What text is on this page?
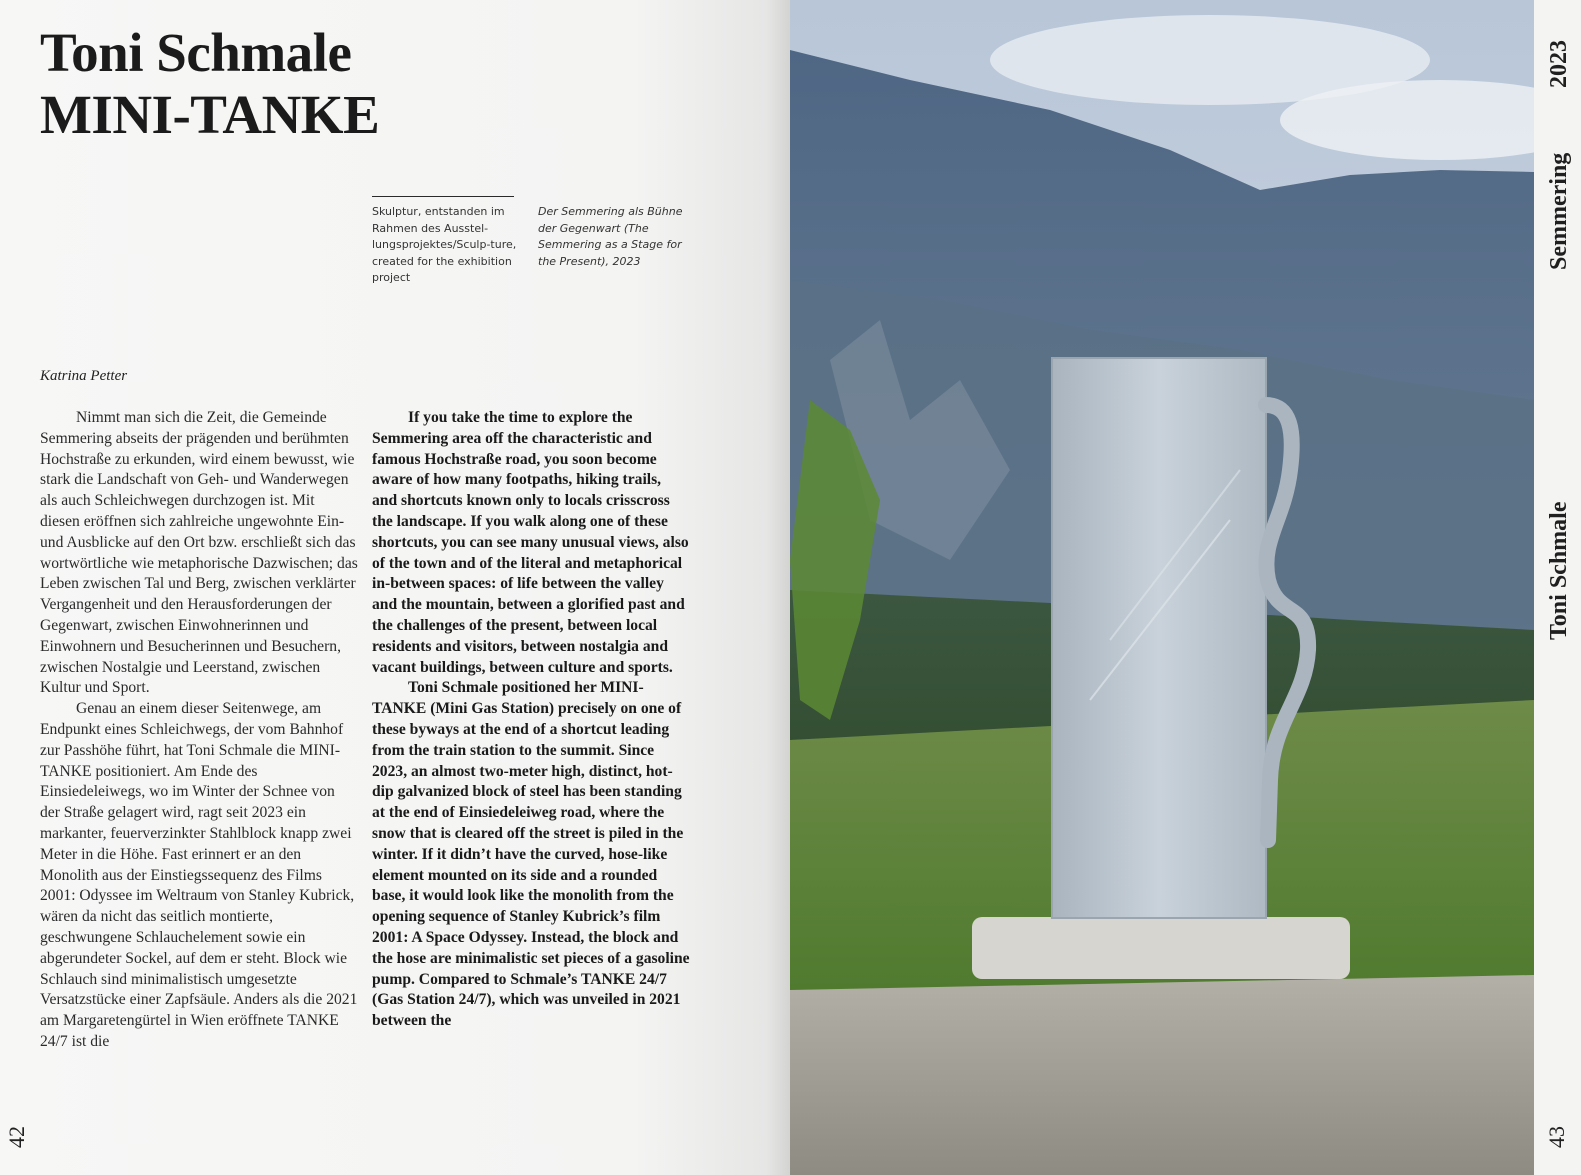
Toni Schmale
MINI-TANKE
Skulptur, entstanden im Rahmen des Ausstel-lungsprojektes/Sculp-ture, created for the exhibition project
Der Semmering als Bühne der Gegenwart (The Semmering as a Stage for the Present), 2023
Katrina Petter

Nimmt man sich die Zeit, die Gemeinde Semmering abseits der prägenden und berühmten Hochstraße zu erkunden, wird einem bewusst, wie stark die Landschaft von Geh- und Wanderwegen als auch Schleichwegen durchzogen ist. Mit diesen eröffnen sich zahlreiche ungewohnte Ein- und Ausblicke auf den Ort bzw. erschließt sich das wortwörtliche wie metaphorische Dazwischen; das Leben zwischen Tal und Berg, zwischen verklärter Vergangenheit und den Herausforderungen der Gegenwart, zwischen Einwohnerinnen und Einwohnern und Besucherinnen und Besuchern, zwischen Nostalgie und Leerstand, zwischen Kultur und Sport.

Genau an einem dieser Seitenwege, am Endpunkt eines Schleichwegs, der vom Bahnhof zur Passhöhe führt, hat Toni Schmale die MINI-TANKE positioniert. Am Ende des Einsiedeleiwegs, wo im Winter der Schnee von der Straße gelagert wird, ragt seit 2023 ein markanter, feuerverzinkter Stahlblock knapp zwei Meter in die Höhe. Fast erinnert er an den Monolith aus der Einstiegssequenz des Films 2001: Odyssee im Weltraum von Stanley Kubrick, wären da nicht das seitlich montierte, geschwungene Schlauchelement sowie ein abgerundeter Sockel, auf dem er steht. Block wie Schlauch sind minimalistisch umgesetzte Versatzstücke einer Zapfsäule. Anders als die 2021 am Margaretengürtel in Wien eröffnete TANKE 24/7 ist die

If you take the time to explore the Semmering area off the characteristic and famous Hochstraße road, you soon become aware of how many footpaths, hiking trails, and shortcuts known only to locals crisscross the landscape. If you walk along one of these shortcuts, you can see many unusual views, also of the town and of the literal and metaphorical in-between spaces: of life between the valley and the mountain, between a glorified past and the challenges of the present, between local residents and visitors, between nostalgia and vacant buildings, between culture and sports.

Toni Schmale positioned her MINI-TANKE (Mini Gas Station) precisely on one of these byways at the end of a shortcut leading from the train station to the summit. Since 2023, an almost two-meter high, distinct, hot-dip galvanized block of steel has been standing at the end of Einsiedeleiweg road, where the snow that is cleared off the street is piled in the winter. If it didn’t have the curved, hose-like element mounted on its side and a rounded base, it would look like the monolith from the opening sequence of Stanley Kubrick’s film 2001: A Space Odyssey. Instead, the block and the hose are minimalistic set pieces of a gasoline pump. Compared to Schmale’s TANKE 24/7 (Gas Station 24/7), which was unveiled in 2021 between the

42
2023
Semmering
Toni Schmale
43
